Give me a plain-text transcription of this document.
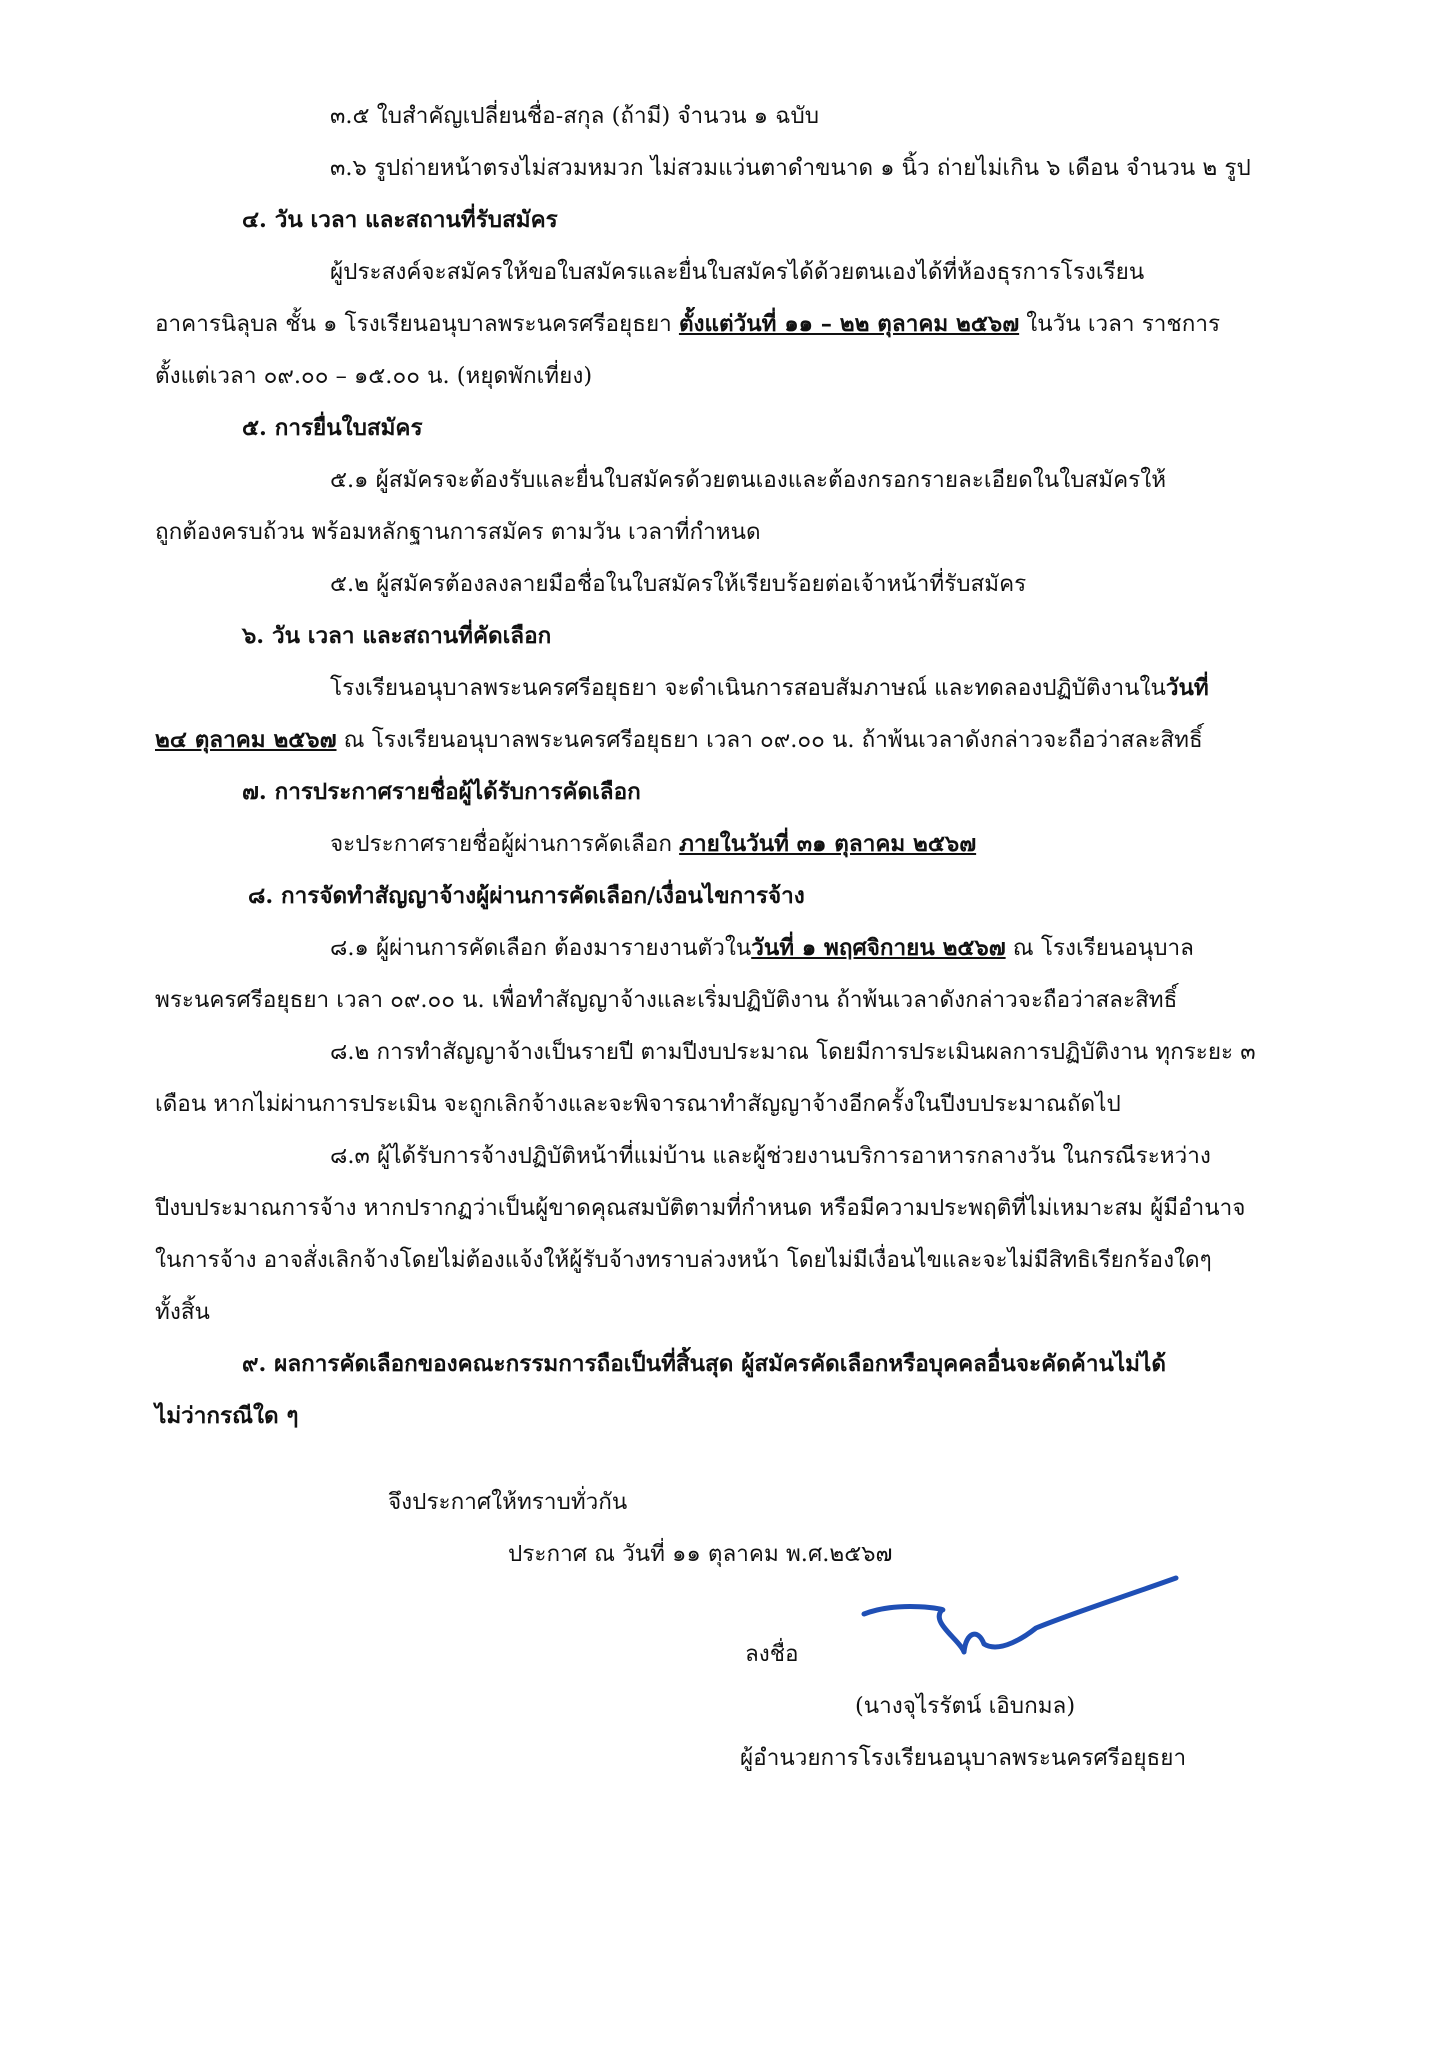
๓.๕ ใบสำคัญเปลี่ยนชื่อ-สกุล (ถ้ามี) จำนวน ๑ ฉบับ
๓.๖ รูปถ่ายหน้าตรงไม่สวมหมวก ไม่สวมแว่นตาดำขนาด ๑ นิ้ว ถ่ายไม่เกิน ๖ เดือน จำนวน ๒ รูป
๔. วัน เวลา และสถานที่รับสมัคร
ผู้ประสงค์จะสมัครให้ขอใบสมัครและยื่นใบสมัครได้ด้วยตนเองได้ที่ห้องธุรการโรงเรียน
อาคารนิลุบล ชั้น ๑ โรงเรียนอนุบาลพระนครศรีอยุธยา ตั้งแต่วันที่ ๑๑ – ๒๒ ตุลาคม ๒๕๖๗ ในวัน เวลา ราชการ
ตั้งแต่เวลา ๐๙.๐๐ – ๑๕.๐๐ น. (หยุดพักเที่ยง)
๕. การยื่นใบสมัคร
๕.๑ ผู้สมัครจะต้องรับและยื่นใบสมัครด้วยตนเองและต้องกรอกรายละเอียดในใบสมัครให้
ถูกต้องครบถ้วน พร้อมหลักฐานการสมัคร ตามวัน เวลาที่กำหนด
๕.๒ ผู้สมัครต้องลงลายมือชื่อในใบสมัครให้เรียบร้อยต่อเจ้าหน้าที่รับสมัคร
๖. วัน เวลา และสถานที่คัดเลือก
โรงเรียนอนุบาลพระนครศรีอยุธยา จะดำเนินการสอบสัมภาษณ์ และทดลองปฏิบัติงานในวันที่
๒๔ ตุลาคม ๒๕๖๗ ณ โรงเรียนอนุบาลพระนครศรีอยุธยา เวลา ๐๙.๐๐ น. ถ้าพ้นเวลาดังกล่าวจะถือว่าสละสิทธิ์
๗. การประกาศรายชื่อผู้ได้รับการคัดเลือก
จะประกาศรายชื่อผู้ผ่านการคัดเลือก ภายในวันที่ ๓๑ ตุลาคม ๒๕๖๗
๘. การจัดทำสัญญาจ้างผู้ผ่านการคัดเลือก/เงื่อนไขการจ้าง
๘.๑ ผู้ผ่านการคัดเลือก ต้องมารายงานตัวในวันที่ ๑ พฤศจิกายน ๒๕๖๗ ณ โรงเรียนอนุบาล
พระนครศรีอยุธยา เวลา ๐๙.๐๐ น. เพื่อทำสัญญาจ้างและเริ่มปฏิบัติงาน ถ้าพ้นเวลาดังกล่าวจะถือว่าสละสิทธิ์
๘.๒ การทำสัญญาจ้างเป็นรายปี ตามปีงบประมาณ โดยมีการประเมินผลการปฏิบัติงาน ทุกระยะ ๓
เดือน หากไม่ผ่านการประเมิน จะถูกเลิกจ้างและจะพิจารณาทำสัญญาจ้างอีกครั้งในปีงบประมาณถัดไป
๘.๓ ผู้ได้รับการจ้างปฏิบัติหน้าที่แม่บ้าน และผู้ช่วยงานบริการอาหารกลางวัน ในกรณีระหว่าง
ปีงบประมาณการจ้าง หากปรากฏว่าเป็นผู้ขาดคุณสมบัติตามที่กำหนด หรือมีความประพฤติที่ไม่เหมาะสม ผู้มีอำนาจ
ในการจ้าง อาจสั่งเลิกจ้างโดยไม่ต้องแจ้งให้ผู้รับจ้างทราบล่วงหน้า โดยไม่มีเงื่อนไขและจะไม่มีสิทธิเรียกร้องใดๆ
ทั้งสิ้น
๙. ผลการคัดเลือกของคณะกรรมการถือเป็นที่สิ้นสุด ผู้สมัครคัดเลือกหรือบุคคลอื่นจะคัดค้านไม่ได้
ไม่ว่ากรณีใด ๆ
จึงประกาศให้ทราบทั่วกัน
ประกาศ ณ วันที่ ๑๑ ตุลาคม พ.ศ.๒๕๖๗
ลงชื่อ
(นางจุไรรัตน์ เอิบกมล)
ผู้อำนวยการโรงเรียนอนุบาลพระนครศรีอยุธยา
